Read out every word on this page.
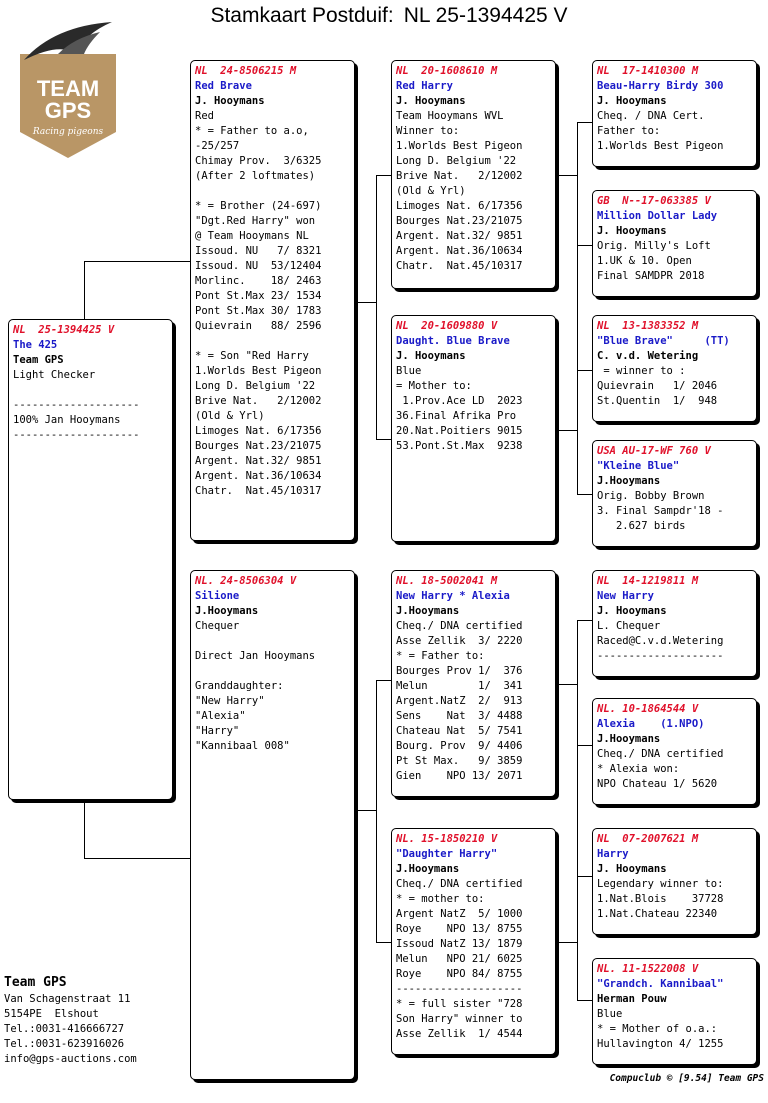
Stamkaart Postduif: NL 25-1394425 V
TEAM
GPS
Racing pigeons
NL  25-1394425 V
The 425
Team GPS
Light Checker
--------------------
100% Jan Hooymans
--------------------
NL  24-8506215 M
Red Brave
J. Hooymans
Red
* = Father to a.o,
-25/257
Chimay Prov.  3/6325
(After 2 loftmates)
* = Brother (24-697)
"Dgt.Red Harry" won
@ Team Hooymans NL
Issoud. NU   7/ 8321
Issoud. NU  53/12404
Morlinc.    18/ 2463
Pont St.Max 23/ 1534
Pont St.Max 30/ 1783
Quievrain   88/ 2596
* = Son "Red Harry
1.Worlds Best Pigeon
Long D. Belgium '22
Brive Nat.   2/12002
(Old & Yrl)
Limoges Nat. 6/17356
Bourges Nat.23/21075
Argent. Nat.32/ 9851
Argent. Nat.36/10634
Chatr.  Nat.45/10317
NL. 24-8506304 V
Silione
J.Hooymans
Chequer
Direct Jan Hooymans
Granddaughter:
"New Harry"
"Alexia"
"Harry"
"Kannibaal 008"
NL  20-1608610 M
Red Harry
J. Hooymans
Team Hooymans WVL
Winner to:
1.Worlds Best Pigeon
Long D. Belgium '22
Brive Nat.   2/12002
(Old & Yrl)
Limoges Nat. 6/17356
Bourges Nat.23/21075
Argent. Nat.32/ 9851
Argent. Nat.36/10634
Chatr.  Nat.45/10317
NL  20-1609880 V
Daught. Blue Brave
J. Hooymans
Blue
= Mother to:
1.Prov.Ace LD  2023
36.Final Afrika Pro
20.Nat.Poitiers 9015
53.Pont.St.Max  9238
NL. 18-5002041 M
New Harry * Alexia
J.Hooymans
Cheq./ DNA certified
Asse Zellik  3/ 2220
* = Father to:
Bourges Prov 1/  376
Melun        1/  341
Argent.NatZ  2/  913
Sens    Nat  3/ 4488
Chateau Nat  5/ 7541
Bourg. Prov  9/ 4406
Pt St Max.   9/ 3859
Gien    NPO 13/ 2071
NL. 15-1850210 V
"Daughter Harry"
J.Hooymans
Cheq./ DNA certified
* = mother to:
Argent NatZ  5/ 1000
Roye    NPO 13/ 8755
Issoud NatZ 13/ 1879
Melun   NPO 21/ 6025
Roye    NPO 84/ 8755
--------------------
* = full sister "728
Son Harry" winner to
Asse Zellik  1/ 4544
NL  17-1410300 M
Beau-Harry Birdy 300
J. Hooymans
Cheq. / DNA Cert.
Father to:
1.Worlds Best Pigeon
GB  N--17-063385 V
Million Dollar Lady
J. Hooymans
Orig. Milly's Loft
1.UK & 10. Open
Final SAMDPR 2018
NL  13-1383352 M
"Blue Brave"     (TT)
C. v.d. Wetering
= winner to :
Quievrain   1/ 2046
St.Quentin  1/  948
USA AU-17-WF 760 V
"Kleine Blue"
J.Hooymans
Orig. Bobby Brown
3. Final Sampdr'18 -
2.627 birds
NL  14-1219811 M
New Harry
J. Hooymans
L. Chequer
Raced@C.v.d.Wetering
--------------------
NL. 10-1864544 V
Alexia    (1.NPO)
J.Hooymans
Cheq./ DNA certified
* Alexia won:
NPO Chateau 1/ 5620
NL  07-2007621 M
Harry
J. Hooymans
Legendary winner to:
1.Nat.Blois    37728
1.Nat.Chateau 22340
NL. 11-1522008 V
"Grandch. Kannibaal"
Herman Pouw
Blue
* = Mother of o.a.:
Hullavington 4/ 1255
Team GPS
Van Schagenstraat 11
5154PE  Elshout
Tel.:0031-416666727
Tel.:0031-623916026
info@gps-auctions.com
Compuclub © [9.54] Team GPS
